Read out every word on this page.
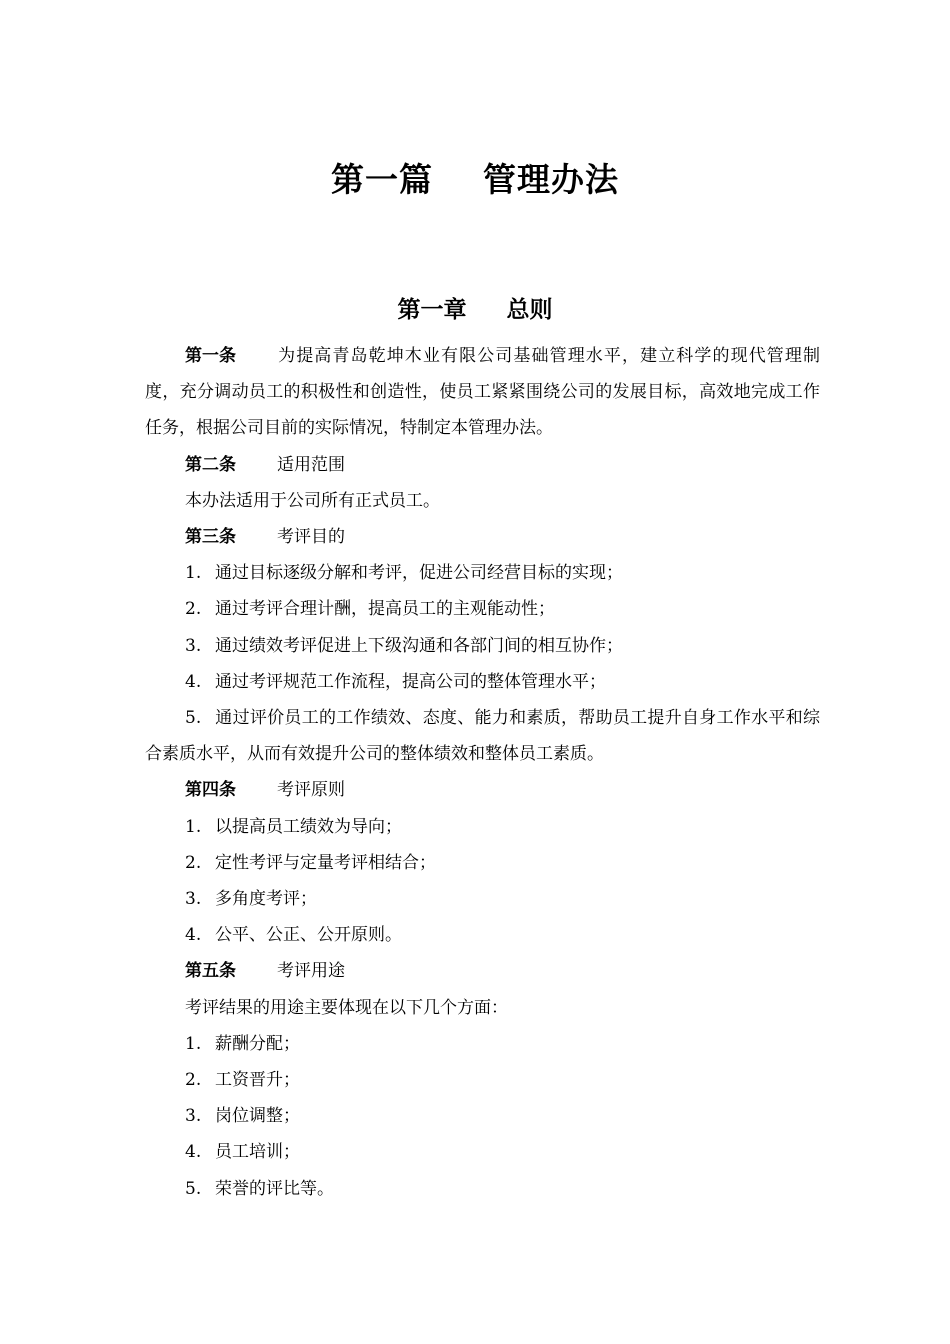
第一篇    管理办法
第一章     总则

第一条 为提高青岛乾坤木业有限公司基础管理水平，建立科学的现代管理制度，充分调动员工的积极性和创造性，使员工紧紧围绕公司的发展目标，高效地完成工作任务，根据公司目前的实际情况，特制定本管理办法。

第二条 适用范围

本办法适用于公司所有正式员工。

第三条 考评目的

1. 通过目标逐级分解和考评，促进公司经营目标的实现；

2. 通过考评合理计酬，提高员工的主观能动性；

3. 通过绩效考评促进上下级沟通和各部门间的相互协作；

4. 通过考评规范工作流程，提高公司的整体管理水平；

5. 通过评价员工的工作绩效、态度、能力和素质，帮助员工提升自身工作水平和综合素质水平，从而有效提升公司的整体绩效和整体员工素质。

第四条 考评原则

1. 以提高员工绩效为导向；

2. 定性考评与定量考评相结合；

3. 多角度考评；

4. 公平、公正、公开原则。

第五条 考评用途

考评结果的用途主要体现在以下几个方面：

1. 薪酬分配；

2. 工资晋升；

3. 岗位调整；

4. 员工培训；

5. 荣誉的评比等。
